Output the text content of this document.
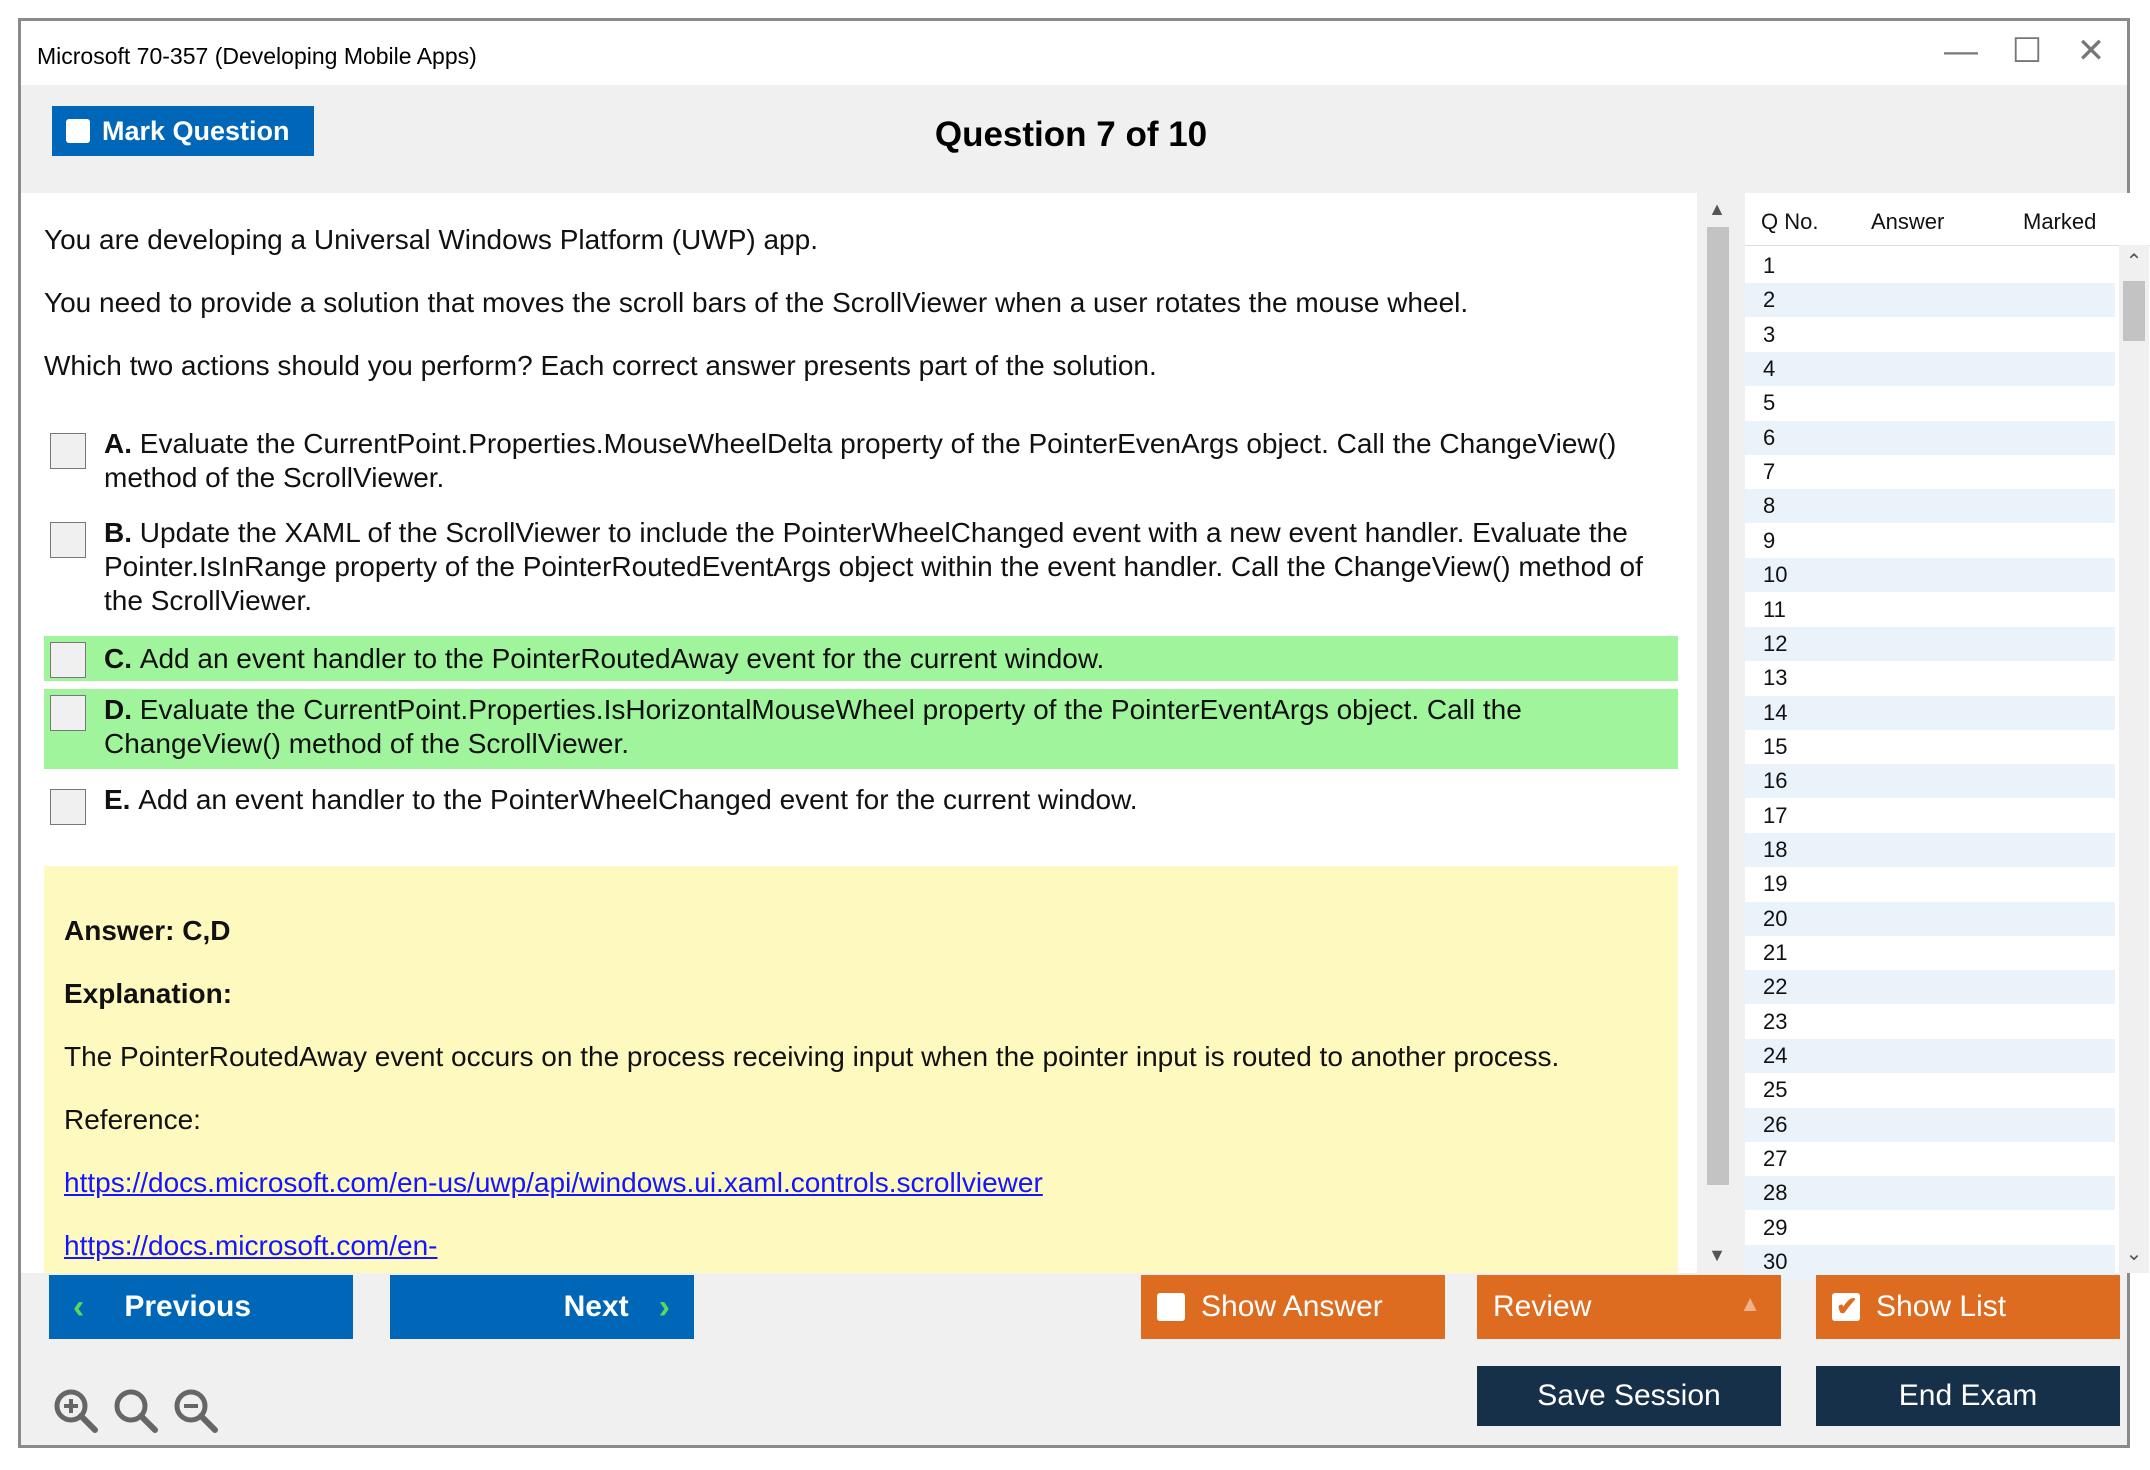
Microsoft 70-357 (Developing Mobile Apps)	— ☐	✕
Mark Question	Question 7 of 10
You are developing a Universal Windows Platform (UWP) app.
You need to provide a solution that moves the scroll bars of the ScrollViewer when a user rotates the mouse wheel.
Which two actions should you perform? Each correct answer presents part of the solution.
A. Evaluate the CurrentPoint.Properties.MouseWheelDelta property of the PointerEvenArgs object. Call the ChangeView() method of the ScrollViewer.
B. Update the XAML of the ScrollViewer to include the PointerWheelChanged event with a new event handler. Evaluate the Pointer.IsInRange property of the PointerRoutedEventArgs object within the event handler. Call the ChangeView() method of the ScrollViewer.
C. Add an event handler to the PointerRoutedAway event for the current window.
D. Evaluate the CurrentPoint.Properties.IsHorizontalMouseWheel property of the PointerEventArgs object. Call the ChangeView() method of the ScrollViewer.
E. Add an event handler to the PointerWheelChanged event for the current window.
Answer: C,D
Explanation:
The PointerRoutedAway event occurs on the process receiving input when the pointer input is routed to another process.
Reference:
https://docs.microsoft.com/en-us/uwp/api/windows.ui.xaml.controls.scrollviewer
https://docs.microsoft.com/en-
▲
▼
Q No. Answer	Marked
1
2
3
4
5
6
7
8
9
10
11
12
13
14
15
16
17
18
19
20
21
22
23
24
25
26
27
28
29
30
⌃
⌄
‹ Previous	Next ›	Show Answer	Review	▲
✔	Show List
Save Session	End Exam
